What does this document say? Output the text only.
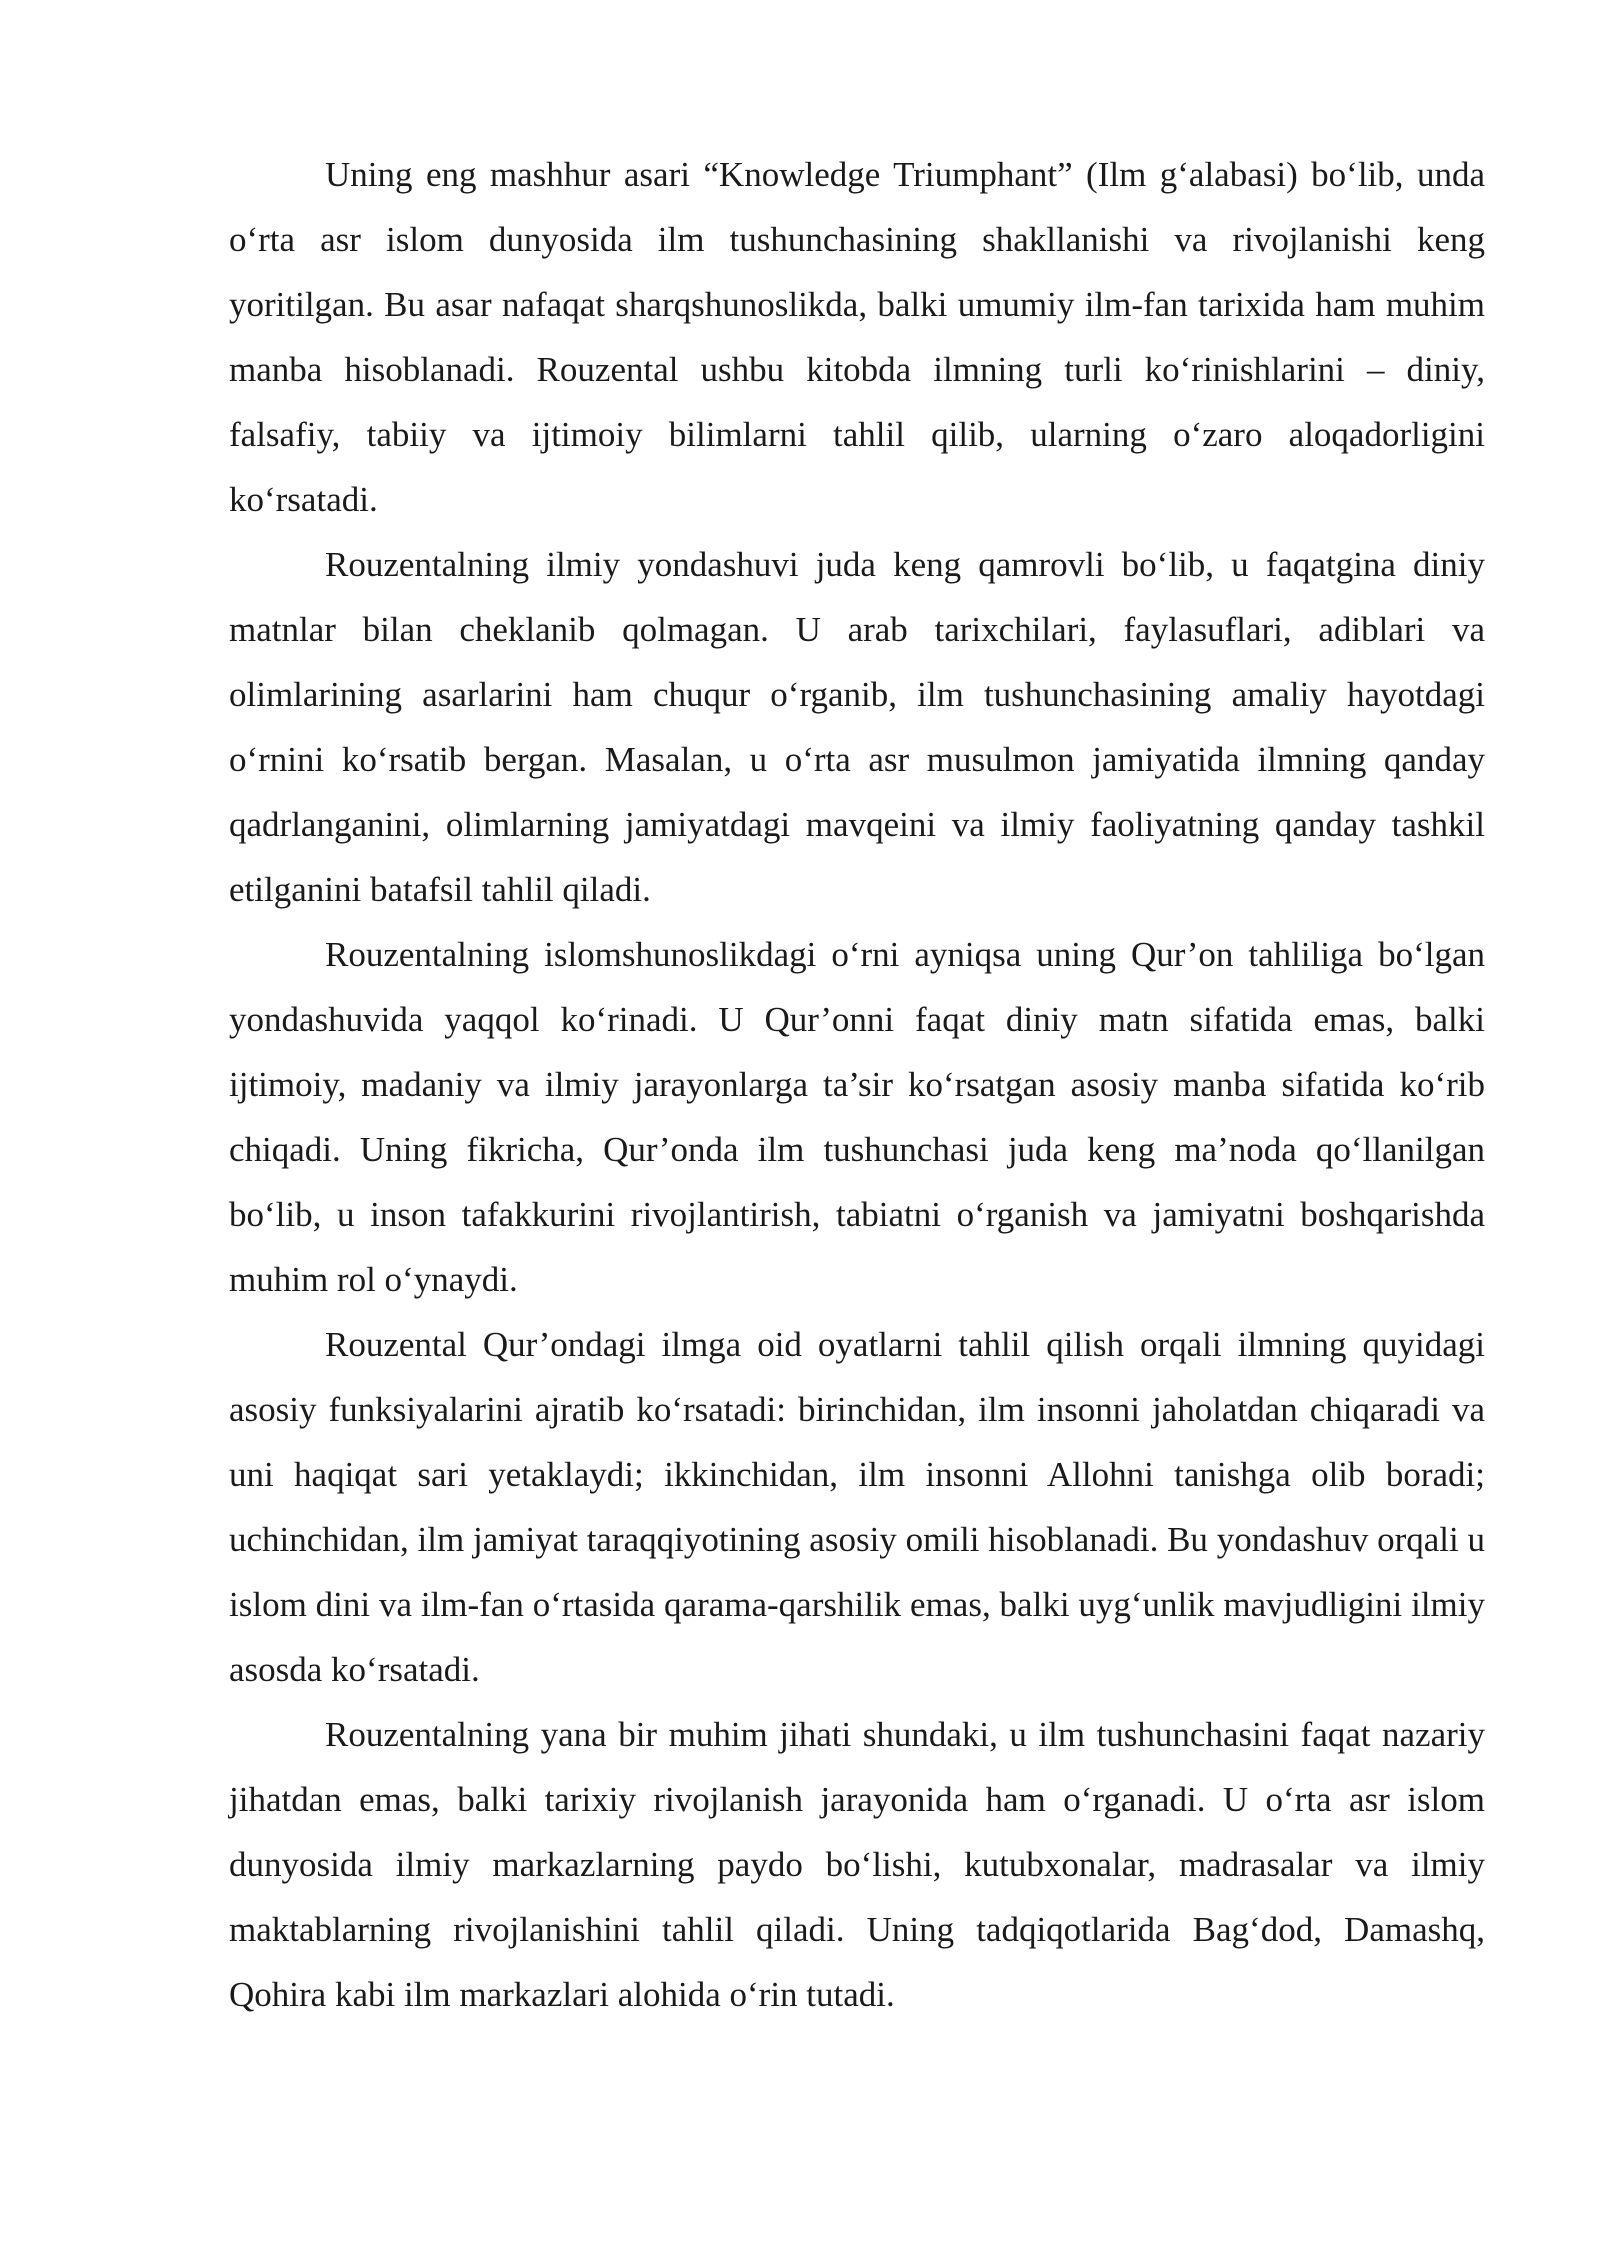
Uning eng mashhur asari “Knowledge Triumphant” (Ilm g‘alabasi) bo‘lib, unda o‘rta asr islom dunyosida ilm tushunchasining shakllanishi va rivojlanishi keng yoritilgan. Bu asar nafaqat sharqshunoslikda, balki umumiy ilm-fan tarixida ham muhim manba hisoblanadi. Rouzental ushbu kitobda ilmning turli ko‘rinishlarini – diniy, falsafiy, tabiiy va ijtimoiy bilimlarni tahlil qilib, ularning o‘zaro aloqadorligini ko‘rsatadi.

Rouzentalning ilmiy yondashuvi juda keng qamrovli bo‘lib, u faqatgina diniy matnlar bilan cheklanib qolmagan. U arab tarixchilari, faylasuflari, adiblari va olimlarining asarlarini ham chuqur o‘rganib, ilm tushunchasining amaliy hayotdagi o‘rnini ko‘rsatib bergan. Masalan, u o‘rta asr musulmon jamiyatida ilmning qanday qadrlanganini, olimlarning jamiyatdagi mavqeini va ilmiy faoliyatning qanday tashkil etilganini batafsil tahlil qiladi.

Rouzentalning islomshunoslikdagi o‘rni ayniqsa uning Qur’on tahliliga bo‘lgan yondashuvida yaqqol ko‘rinadi. U Qur’onni faqat diniy matn sifatida emas, balki ijtimoiy, madaniy va ilmiy jarayonlarga ta’sir ko‘rsatgan asosiy manba sifatida ko‘rib chiqadi. Uning fikricha, Qur’onda ilm tushunchasi juda keng ma’noda qo‘llanilgan bo‘lib, u inson tafakkurini rivojlantirish, tabiatni o‘rganish va jamiyatni boshqarishda muhim rol o‘ynaydi.

Rouzental Qur’ondagi ilmga oid oyatlarni tahlil qilish orqali ilmning quyidagi asosiy funksiyalarini ajratib ko‘rsatadi: birinchidan, ilm insonni jaholatdan chiqaradi va uni haqiqat sari yetaklaydi; ikkinchidan, ilm insonni Allohni tanishga olib boradi; uchinchidan, ilm jamiyat taraqqiyotining asosiy omili hisoblanadi. Bu yondashuv orqali u islom dini va ilm-fan o‘rtasida qarama-qarshilik emas, balki uyg‘unlik mavjudligini ilmiy asosda ko‘rsatadi.

Rouzentalning yana bir muhim jihati shundaki, u ilm tushunchasini faqat nazariy jihatdan emas, balki tarixiy rivojlanish jarayonida ham o‘rganadi. U o‘rta asr islom dunyosida ilmiy markazlarning paydo bo‘lishi, kutubxonalar, madrasalar va ilmiy maktablarning rivojlanishini tahlil qiladi. Uning tadqiqotlarida Bag‘dod, Damashq, Qohira kabi ilm markazlari alohida o‘rin tutadi.
